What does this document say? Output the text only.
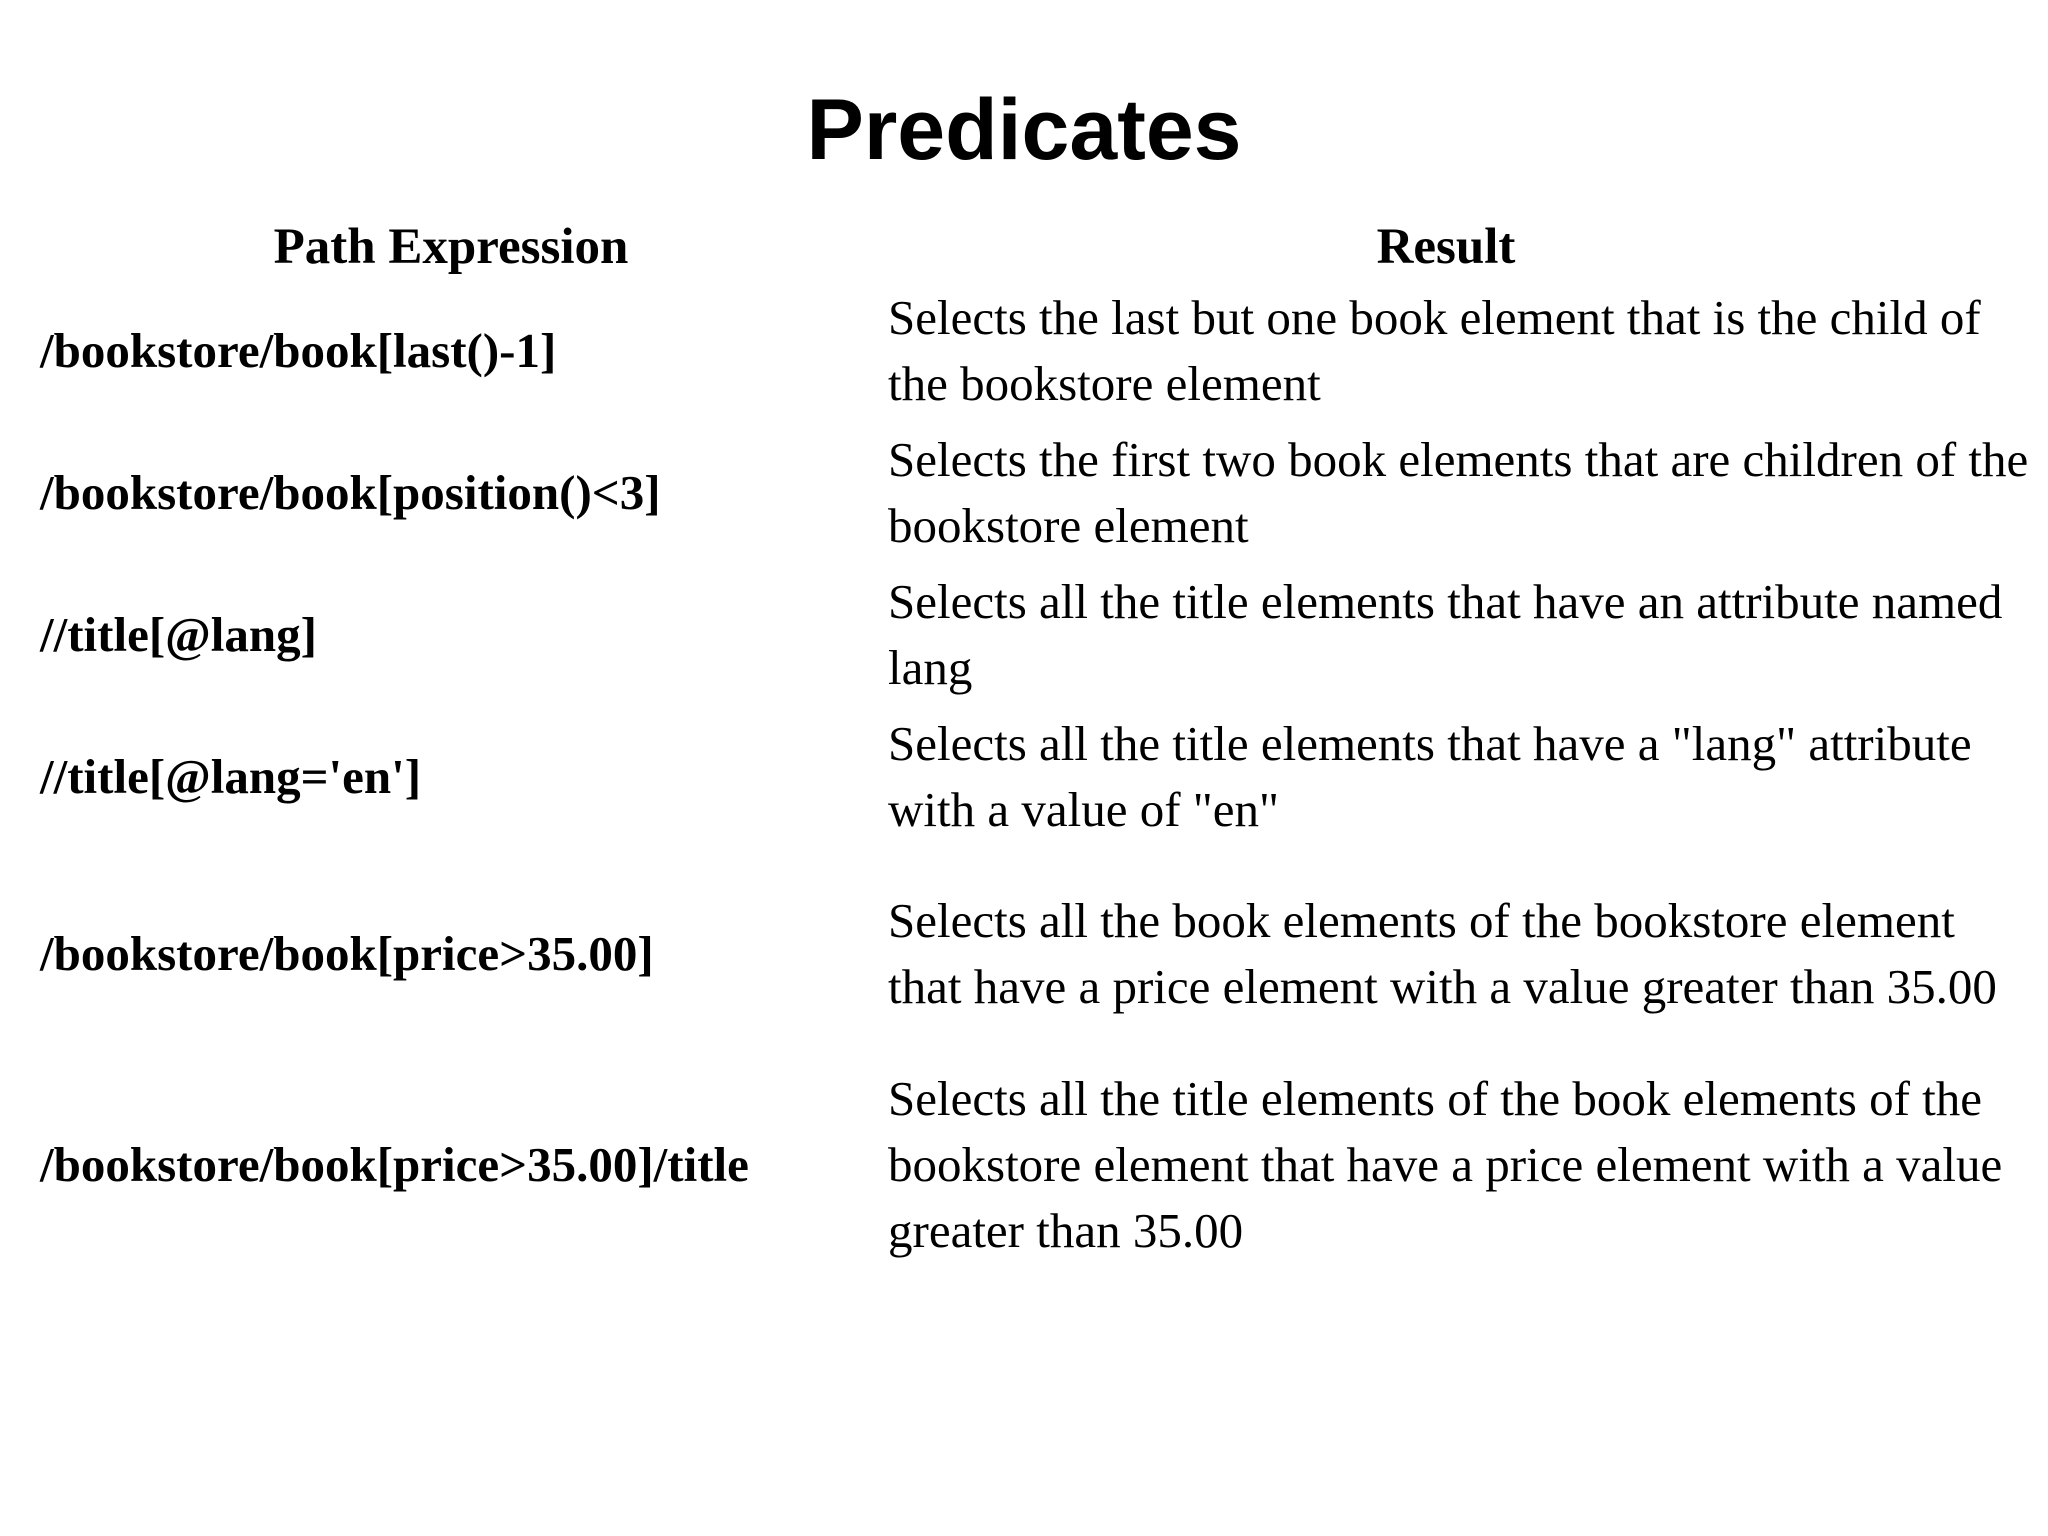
Predicates
Path Expression	Result
/bookstore/book[last()-1]
Selects the last but one book element that is the child of the bookstore element
/bookstore/book[position()<3]
Selects the first two book elements that are children of the bookstore element
//title[@lang]
Selects all the title elements that have an attribute named lang
//title[@lang='en']
Selects all the title elements that have a "lang" attribute with a value of "en"
/bookstore/book[price>35.00]
Selects all the book elements of the bookstore element that have a price element with a value greater than 35.00
/bookstore/book[price>35.00]/title
Selects all the title elements of the book elements of the bookstore element that have a price element with a value greater than 35.00
